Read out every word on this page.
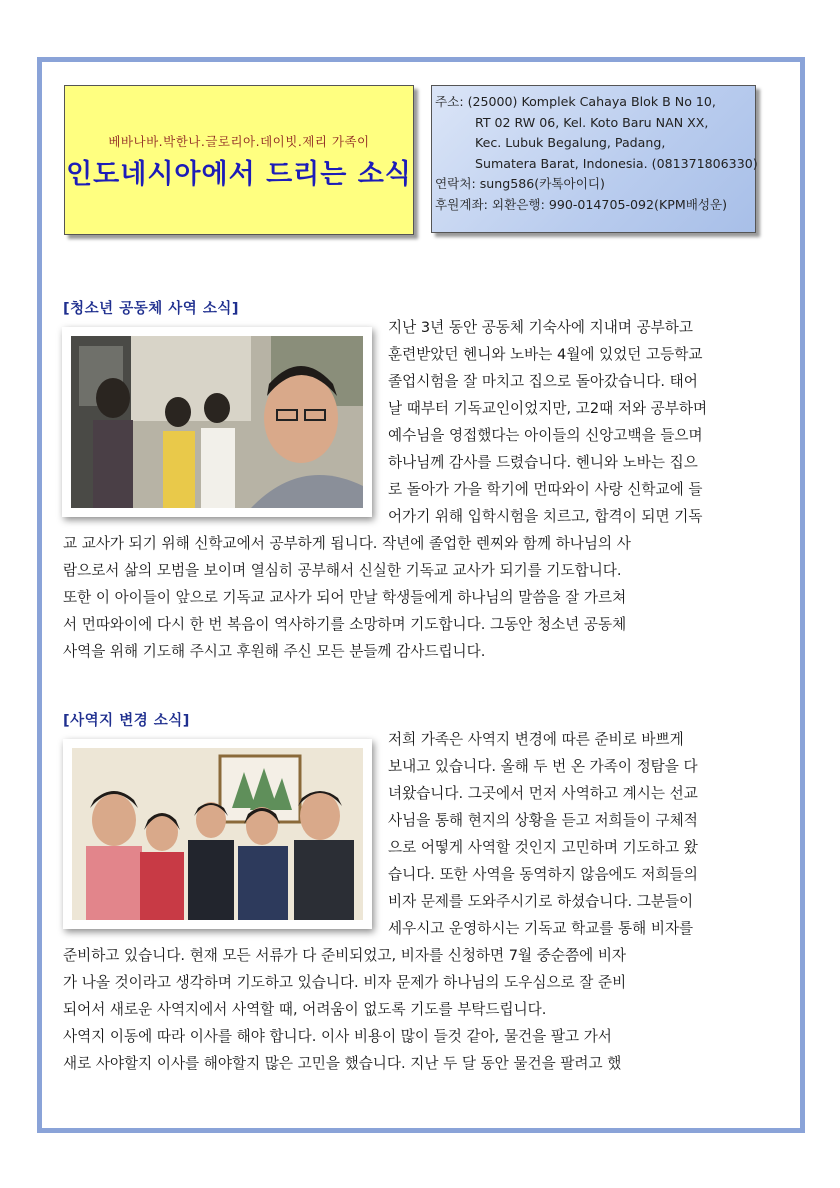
베바나바.박한나.글로리아.데이빗.제리 가족이
인도네시아에서 드리는 소식
주소: (25000) Komplek Cahaya Blok B No 10,
RT 02 RW 06, Kel. Koto Baru NAN XX,
Kec. Lubuk Begalung, Padang,
Sumatera Barat, Indonesia. (081371806330)
연락처: sung586(카톡아이디)
후원계좌: 외환은행: 990-014705-092(KPM배성운)
[청소년 공동체 사역 소식]
지난 3년 동안 공동체 기숙사에 지내며 공부하고
훈련받았던 헨니와 노바는 4월에 있었던 고등학교
졸업시험을 잘 마치고 집으로 돌아갔습니다. 태어
날 때부터 기독교인이었지만, 고2때 저와 공부하며
예수님을 영접했다는 아이들의 신앙고백을 들으며
하나님께 감사를 드렸습니다. 헨니와 노바는 집으
로 돌아가 가을 학기에 먼따와이 사랑 신학교에 들
어가기 위해 입학시험을 치르고, 합격이 되면 기독
교 교사가 되기 위해 신학교에서 공부하게 됩니다. 작년에 졸업한 렌찌와 함께 하나님의 사
람으로서 삶의 모범을 보이며 열심히 공부해서 신실한 기독교 교사가 되기를 기도합니다.
또한 이 아이들이 앞으로 기독교 교사가 되어 만날 학생들에게 하나님의 말씀을 잘 가르쳐
서 먼따와이에 다시 한 번 복음이 역사하기를 소망하며 기도합니다. 그동안 청소년 공동체
사역을 위해 기도해 주시고 후원해 주신 모든 분들께 감사드립니다.
[사역지 변경 소식]
저희 가족은 사역지 변경에 따른 준비로 바쁘게
보내고 있습니다. 올해 두 번 온 가족이 정탐을 다
녀왔습니다. 그곳에서 먼저 사역하고 계시는 선교
사님을 통해 현지의 상황을 듣고 저희들이 구체적
으로 어떻게 사역할 것인지 고민하며 기도하고 왔
습니다. 또한 사역을 동역하지 않음에도 저희들의
비자 문제를 도와주시기로 하셨습니다. 그분들이
세우시고 운영하시는 기독교 학교를 통해 비자를
준비하고 있습니다. 현재 모든 서류가 다 준비되었고, 비자를 신청하면 7월 중순쯤에 비자
가 나올 것이라고 생각하며 기도하고 있습니다. 비자 문제가 하나님의 도우심으로 잘 준비
되어서 새로운 사역지에서 사역할 때, 어려움이 없도록 기도를 부탁드립니다.
사역지 이동에 따라 이사를 해야 합니다. 이사 비용이 많이 들것 같아, 물건을 팔고 가서
새로 사야할지 이사를 해야할지 많은 고민을 했습니다. 지난 두 달 동안 물건을 팔려고 했
